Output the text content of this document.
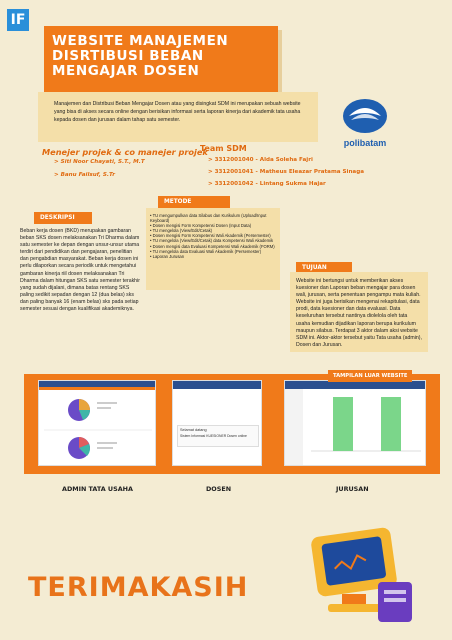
IF
WEBSITE MANAJEMEN DISRTIBUSI BEBAN MENGAJAR DOSEN
Manajemen dan Distribusi Beban Mengajar Dosen atau yang disingkat SDM ini merupakan sebuah website yang bisa di akses secara online dengan berisikan informasi serta laporan kinerja dari akademik tata usaha kepada dosen dan jurusan dalam tahap satu semester.
polibatam
Menejer projek & co manejer projek
> Siti Noor Chayati, S.T., M.T
> Banu Failsuf, S.Tr
Team SDM
> 3312001040 - Alda Soleha Fajri
> 3312001041 - Matheus Eleazar Pratama Sinaga
> 3312001042 - Lintang Sukma Hajar
METODE
• TU mengumpulkan data Silabus dan Kurikulum (Upload/Input Keyboard)
• Dosen mengisi Form Kompetensi Dosen (Input Data)
• TU mengelola (View/Edit/Cetak)
• Dosen mengisi Form Kompetensi Wali Akademik (Persemester)
• TU mengelola (View/Edit/Cetak) data Kompetensi Wali Akademik
• Dosen mengisi data Evaluasi Kompetensi Wali Akademik (FORM)
• TU mengelola data Evaluasi Wali Akademik (Persemester)
• Laporan Jurusan
DESKRIPSI
Beban kerja dosen (BKD) merupakan gambaran beban SKS dosen melaksanakan Tri Dharma dalam satu semester ke depan dengan unsur-unsur utama terdiri dari pendidikan dan pengajaran, penelitian dan pengabdian masyarakat. Beban kerja dosen ini perlu dilaporkan secara periodik untuk mengetahui gambaran kinerja riil dosen melaksanakan Tri Dharma dalam hitungan SKS satu semester terakhir yang sudah dijalani, dimana batas rentang SKS paling sedikit sepadan dengan 12 (dua belas) sks dan paling banyak 16 (enam belas) sks pada setiap semester sesuai dengan kualifikasi akademiknya.
TUJUAN
Website ini bertungsi untuk memberikan akses kuesioner dan Laporan beban mengajar para dosen wali, jurusan, serta penentuan pengampu mata kuliah. Website ini juga berisikan mengenai rekapitulasi, data prodi, data kuesioner dan data evaluasi. Data keseluruhan tersebut nantinya diolelola oleh tata usaha kemudian dijadikan laporan berupa kurikulum maupun silabus. Terdapat 3 aktor dalam aksi website SDM ini. Aktor-aktor tersebut yaitu Tata usaha (admin), Dosen dan Jurusan.
Selamat datang
Sistem Informasi KUESIONER Dosen online
TAMPILAN LUAR WEBSITE
ADMIN TATA USAHA	DOSEN	JURUSAN
TERIMAKASIH
